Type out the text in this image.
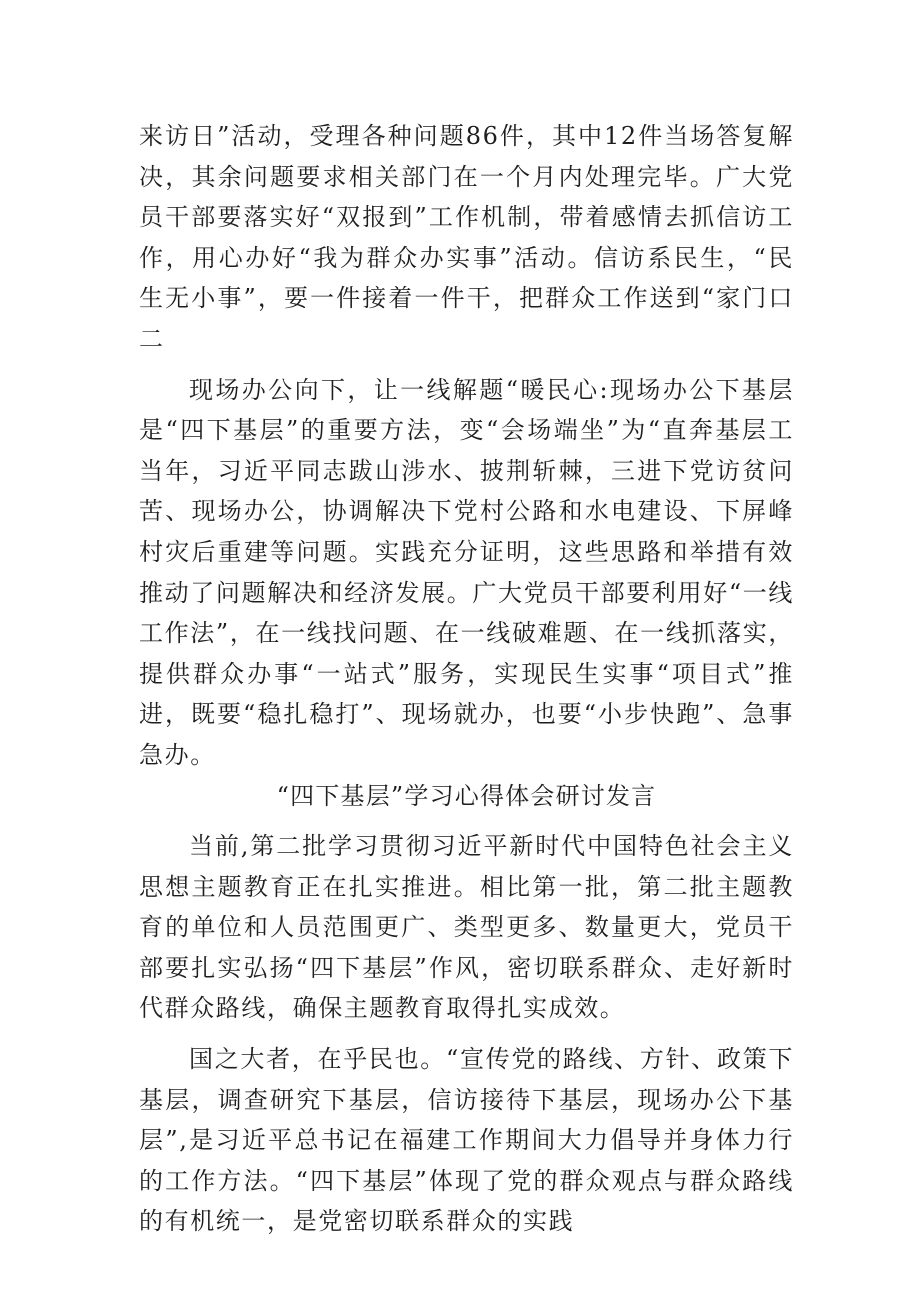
来访日”活动，受理各种问题86件，其中12件当场答复解决，其余问题要求相关部门在一个月内处理完毕。广大党员干部要落实好“双报到”工作机制，带着感情去抓信访工作，用心办好“我为群众办实事”活动。信访系民生，“民生无小事”，要一件接着一件干，把群众工作送到“家门口二

现场办公向下，让一线解题“暖民心:现场办公下基层是“四下基层”的重要方法，变“会场端坐”为“直奔基层工当年，习近平同志跋山涉水、披荆斩棘，三进下党访贫问苦、现场办公，协调解决下党村公路和水电建设、下屏峰村灾后重建等问题。实践充分证明，这些思路和举措有效推动了问题解决和经济发展。广大党员干部要利用好“一线工作法”，在一线找问题、在一线破难题、在一线抓落实，提供群众办事“一站式”服务，实现民生实事“项目式”推进，既要“稳扎稳打”、现场就办，也要“小步快跑”、急事急办。

“四下基层”学习心得体会研讨发言

当前,第二批学习贯彻习近平新时代中国特色社会主义思想主题教育正在扎实推进。相比第一批，第二批主题教育的单位和人员范围更广、类型更多、数量更大，党员干部要扎实弘扬“四下基层”作风，密切联系群众、走好新时代群众路线，确保主题教育取得扎实成效。

国之大者，在乎民也。“宣传党的路线、方针、政策下基层，调查研究下基层，信访接待下基层，现场办公下基层”,是习近平总书记在福建工作期间大力倡导并身体力行的工作方法。“四下基层”体现了党的群众观点与群众路线的有机统一，是党密切联系群众的实践
